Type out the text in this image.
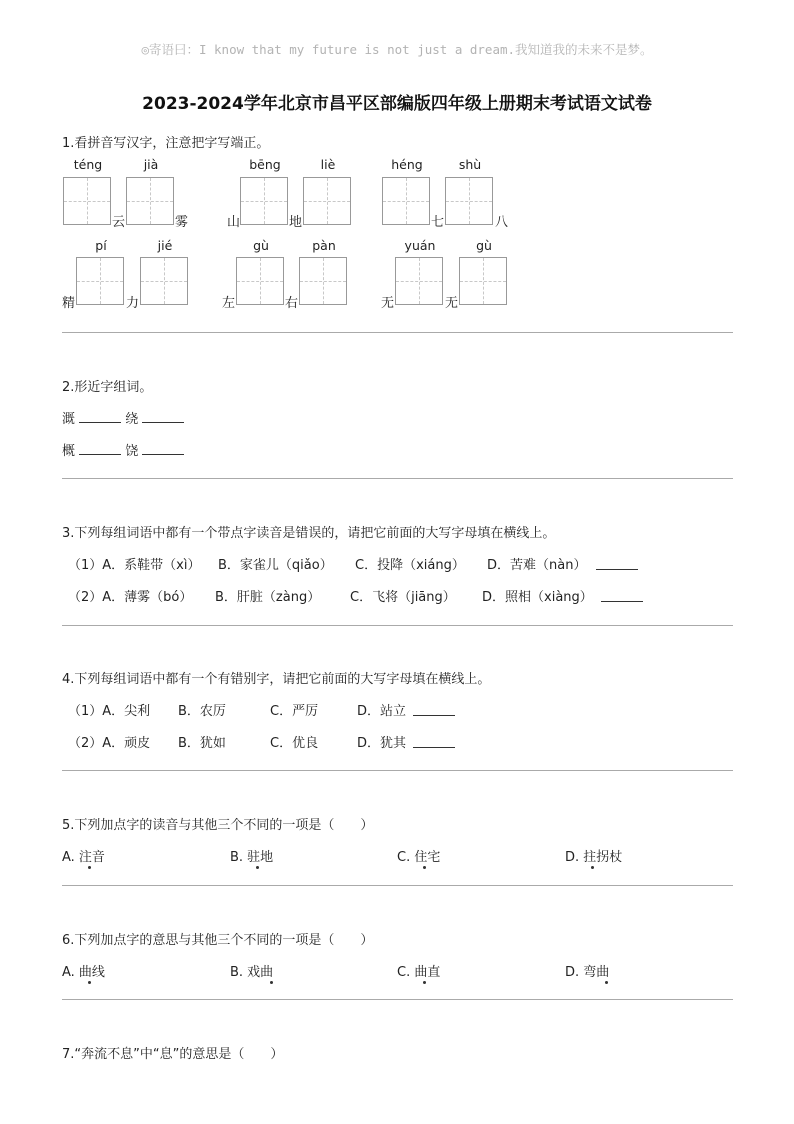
◎寄语曰：I know that my future is not just a dream.我知道我的未来不是梦。
2023-2024学年北京市昌平区部编版四年级上册期末考试语文试卷
1.看拼音写汉字，注意把字写端正。
téng	jià	bēng	liè	héng	shù
云	雾	山	地	七	八
pí	jié	gù	pàn	yuán	gù
精	力	左	右	无	无
2.形近字组词。
溉	绕
概	饶
3.下列每组词语中都有一个带点字读音是错误的，请把它前面的大写字母填在横线上。
（1）A．系鞋带（xì） B．家雀儿（qiǎo） C．投降（xiáng） D．苦难（nàn）
（2）A．薄雾（bó） B．肝脏（zàng） C．飞将（jiāng） D．照相（xiàng）
4.下列每组词语中都有一个有错别字，请把它前面的大写字母填在横线上。
（1）A．尖利 B．农厉	C．严厉	D．站立
（2）A．顽皮 B．犹如	C．优良	D．犹其
5.下列加点字的读音与其他三个不同的一项是（　　）
A. 注音	B. 驻地	C. 住宅	D. 拄拐杖
6.下列加点字的意思与其他三个不同的一项是（　　）
A. 曲线	B. 戏曲	C. 曲直	D. 弯曲
7.“奔流不息”中“息”的意思是（　　）
